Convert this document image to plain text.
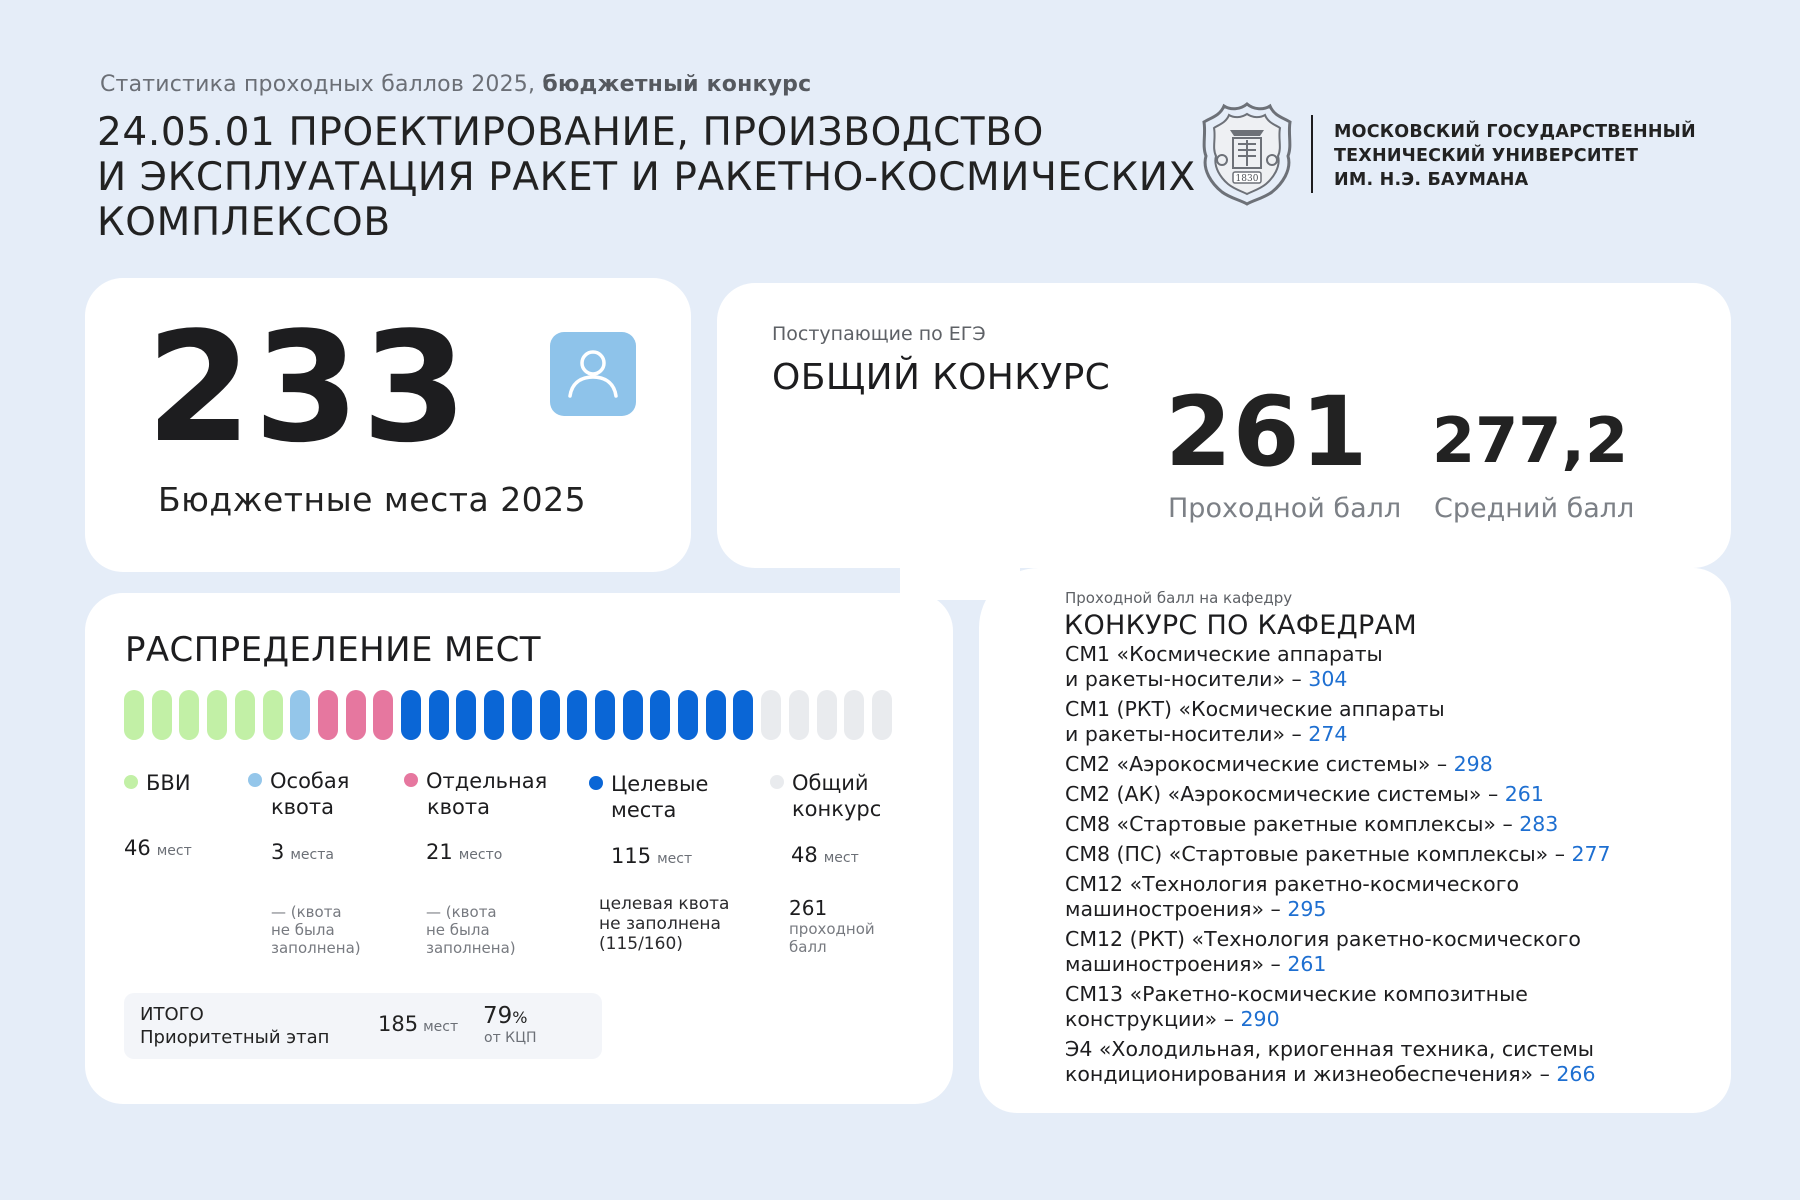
Статистика проходных баллов 2025, бюджетный конкурс
24.05.01 ПРОЕКТИРОВАНИЕ, ПРОИЗВОДСТВО
И ЭКСПЛУАТАЦИЯ РАКЕТ И РАКЕТНО-КОСМИЧЕСКИХ
КОМПЛЕКСОВ
1830
МОСКОВСКИЙ ГОСУДАРСТВЕННЫЙ
ТЕХНИЧЕСКИЙ УНИВЕРСИТЕТ
ИМ. Н.Э. БАУМАНА
233
Бюджетные места 2025
Поступающие по ЕГЭ
ОБЩИЙ КОНКУРС 261 277,2
Проходной балл Средний балл
РАСПРЕДЕЛЕНИЕ МЕСТ
БВИ
46 мест
Особая
квота
3 места
— (квота
не была
заполнена)
Отдельная
квота
21 место
— (квота
не была
заполнена)
Целевые
места
115 мест
целевая квота
не заполнена
(115/160)
Общий
конкурс
48 мест
261
проходной
балл
ИТОГО
Приоритетный этап
185 мест 79%
от КЦП
Проходной балл на кафедру
КОНКУРС ПО КАФЕДРАМ
СМ1 «Космические аппараты
и ракеты-носители» – 304
СМ1 (РКТ) «Космические аппараты
и ракеты-носители» – 274
СМ2 «Аэрокосмические системы» – 298
СМ2 (АК) «Аэрокосмические системы» – 261
СМ8 «Стартовые ракетные комплексы» – 283
СМ8 (ПС) «Стартовые ракетные комплексы» – 277
СМ12 «Технология ракетно-космического
машиностроения» – 295
СМ12 (РКТ) «Технология ракетно-космического
машиностроения» – 261
СМ13 «Ракетно-космические композитные
конструкции» – 290
Э4 «Холодильная, криогенная техника, системы
кондиционирования и жизнеобеспечения» – 266
